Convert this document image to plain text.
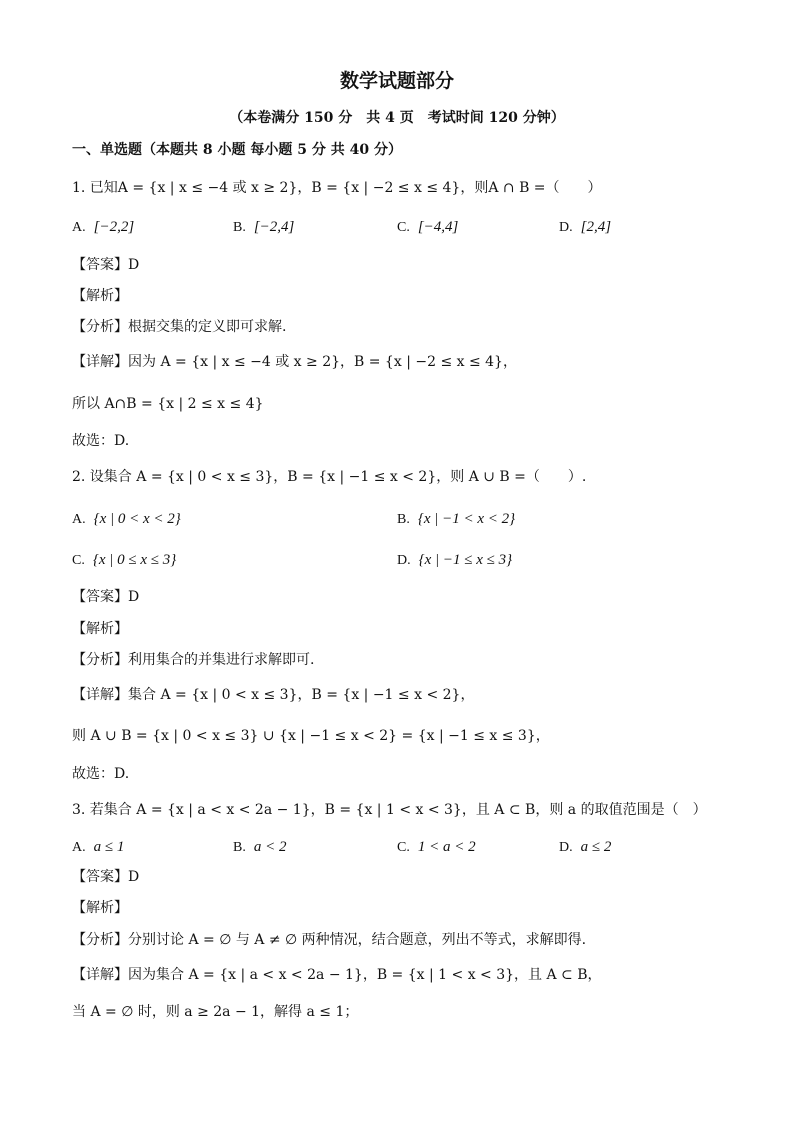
数学试题部分
（本卷满分 150 分　共 4 页　考试时间 120 分钟）
一、单选题（本题共 8 小题 每小题 5 分 共 40 分）
1. 已知A = {x | x ≤ −4 或 x ≥ 2}，B = {x | −2 ≤ x ≤ 4}，则A ∩ B =（　　）
A. [−2,2]	B. [−2,4]	C. [−4,4]	D. [2,4]
【答案】D
【解析】
【分析】根据交集的定义即可求解.
【详解】因为 A = {x | x ≤ −4 或 x ≥ 2}，B = {x | −2 ≤ x ≤ 4}，
所以 A∩B = {x | 2 ≤ x ≤ 4}
故选：D.
2. 设集合 A = {x | 0 < x ≤ 3}，B = {x | −1 ≤ x < 2}，则 A ∪ B =（　　）.
A. {x | 0 < x < 2}	B. {x | −1 < x < 2}
C. {x | 0 ≤ x ≤ 3}	D. {x | −1 ≤ x ≤ 3}
【答案】D
【解析】
【分析】利用集合的并集进行求解即可.
【详解】集合 A = {x | 0 < x ≤ 3}，B = {x | −1 ≤ x < 2}，
则 A ∪ B = {x | 0 < x ≤ 3} ∪ {x | −1 ≤ x < 2} = {x | −1 ≤ x ≤ 3}，
故选：D.
3. 若集合 A = {x | a < x < 2a − 1}，B = {x | 1 < x < 3}，且 A ⊂ B，则 a 的取值范围是（　）
A. a ≤ 1	B. a < 2	C. 1 < a < 2	D. a ≤ 2
【答案】D
【解析】
【分析】分别讨论 A = ∅ 与 A ≠ ∅ 两种情况，结合题意，列出不等式，求解即得.
【详解】因为集合 A = {x | a < x < 2a − 1}，B = {x | 1 < x < 3}，且 A ⊂ B，
当 A = ∅ 时，则 a ≥ 2a − 1，解得 a ≤ 1；
